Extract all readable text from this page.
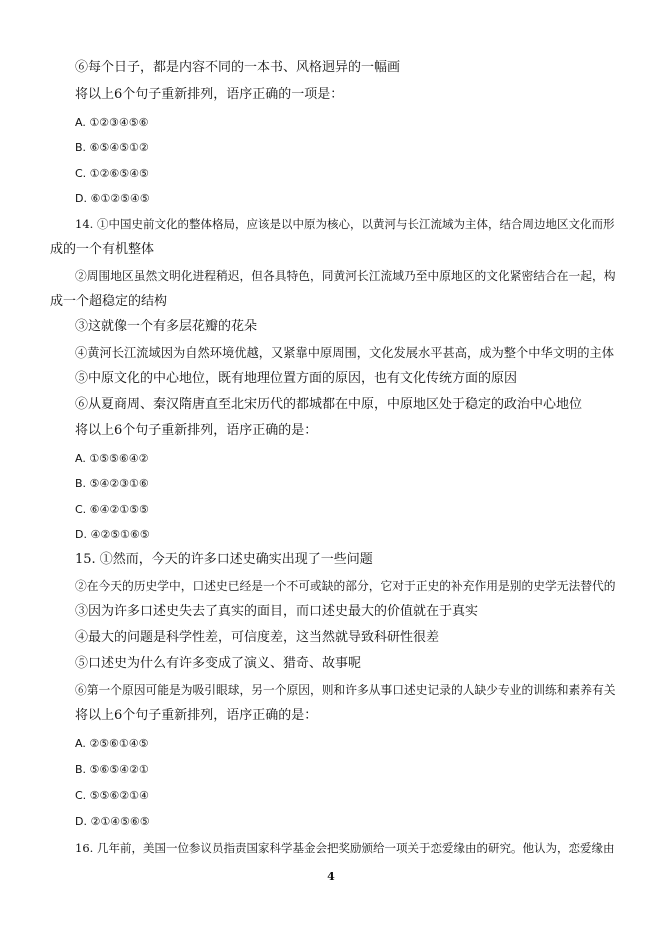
⑥每个日子，都是内容不同的一本书、风格迥异的一幅画
将以上6个句子重新排列，语序正确的一项是：
A. ①②③④⑤⑥
B. ⑥⑤④⑤①②
C. ①②⑥⑤④⑤
D. ⑥①②⑤④⑤
14. ①中国史前文化的整体格局，应该是以中原为核心，以黄河与长江流域为主体，结合周边地区文化而形
成的一个有机整体
②周围地区虽然文明化进程稍迟，但各具特色，同黄河长江流域乃至中原地区的文化紧密结合在一起，构
成一个超稳定的结构
③这就像一个有多层花瓣的花朵
④黄河长江流域因为自然环境优越，又紧靠中原周围，文化发展水平甚高，成为整个中华文明的主体
⑤中原文化的中心地位，既有地理位置方面的原因，也有文化传统方面的原因
⑥从夏商周、秦汉隋唐直至北宋历代的都城都在中原，中原地区处于稳定的政治中心地位
将以上6个句子重新排列，语序正确的是：
A. ①⑤⑤⑥④②
B. ⑤④②③①⑥
C. ⑥④②①⑤⑤
D. ④②⑤①⑥⑤
15. ①然而，今天的许多口述史确实出现了一些问题
②在今天的历史学中，口述史已经是一个不可或缺的部分，它对于正史的补充作用是别的史学无法替代的
③因为许多口述史失去了真实的面目，而口述史最大的价值就在于真实
④最大的问题是科学性差，可信度差，这当然就导致科研性很差
⑤口述史为什么有许多变成了演义、猎奇、故事呢
⑥第一个原因可能是为吸引眼球，另一个原因，则和许多从事口述史记录的人缺少专业的训练和素养有关
将以上6个句子重新排列，语序正确的是：
A. ②⑤⑥①④⑤
B. ⑤⑥⑤④②①
C. ⑤⑤⑥②①④
D. ②①④⑤⑥⑤
16. 几年前，美国一位参议员指责国家科学基金会把奖励颁给一项关于恋爱缘由的研究。他认为，恋爱缘由
4
